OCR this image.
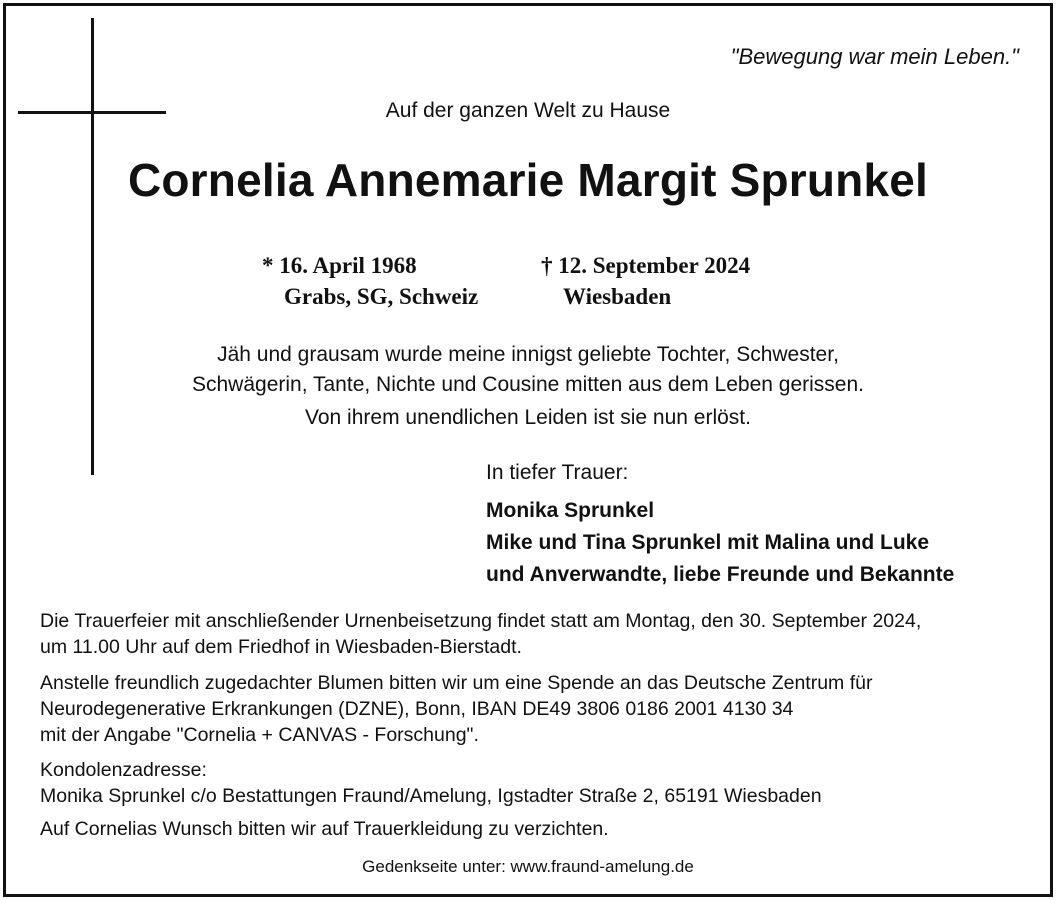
"Bewegung war mein Leben."
Auf der ganzen Welt zu Hause
Cornelia Annemarie Margit Sprunkel
* 16. April 1968
Grabs, SG, Schweiz
† 12. September 2024
Wiesbaden
Jäh und grausam wurde meine innigst geliebte Tochter, Schwester,
Schwägerin, Tante, Nichte und Cousine mitten aus dem Leben gerissen.
Von ihrem unendlichen Leiden ist sie nun erlöst.
In tiefer Trauer:
Monika Sprunkel
Mike und Tina Sprunkel mit Malina und Luke
und Anverwandte, liebe Freunde und Bekannte
Die Trauerfeier mit anschließender Urnenbeisetzung findet statt am Montag, den 30. September 2024,
um 11.00 Uhr auf dem Friedhof in Wiesbaden-Bierstadt.
Anstelle freundlich zugedachter Blumen bitten wir um eine Spende an das Deutsche Zentrum für
Neurodegenerative Erkrankungen (DZNE), Bonn, IBAN DE49 3806 0186 2001 4130 34
mit der Angabe "Cornelia + CANVAS - Forschung".
Kondolenzadresse:
Monika Sprunkel c/o Bestattungen Fraund/Amelung, Igstadter Straße 2, 65191 Wiesbaden
Auf Cornelias Wunsch bitten wir auf Trauerkleidung zu verzichten.
Gedenkseite unter: www.fraund-amelung.de
